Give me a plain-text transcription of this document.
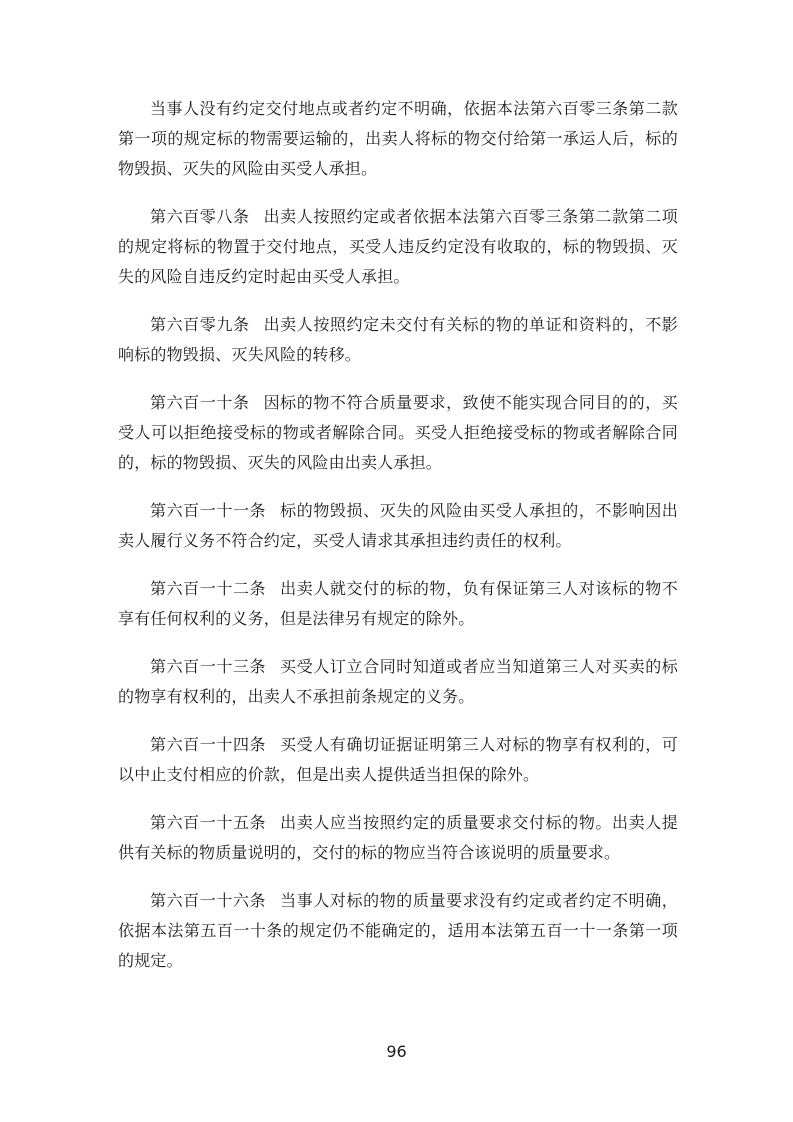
当事人没有约定交付地点或者约定不明确，依据本法第六百零三条第二款第一项的规定标的物需要运输的，出卖人将标的物交付给第一承运人后，标的物毁损、灭失的风险由买受人承担。

第六百零八条 出卖人按照约定或者依据本法第六百零三条第二款第二项的规定将标的物置于交付地点，买受人违反约定没有收取的，标的物毁损、灭失的风险自违反约定时起由买受人承担。

第六百零九条 出卖人按照约定未交付有关标的物的单证和资料的，不影响标的物毁损、灭失风险的转移。

第六百一十条 因标的物不符合质量要求，致使不能实现合同目的的，买受人可以拒绝接受标的物或者解除合同。买受人拒绝接受标的物或者解除合同的，标的物毁损、灭失的风险由出卖人承担。

第六百一十一条 标的物毁损、灭失的风险由买受人承担的，不影响因出卖人履行义务不符合约定，买受人请求其承担违约责任的权利。

第六百一十二条 出卖人就交付的标的物，负有保证第三人对该标的物不享有任何权利的义务，但是法律另有规定的除外。

第六百一十三条 买受人订立合同时知道或者应当知道第三人对买卖的标的物享有权利的，出卖人不承担前条规定的义务。

第六百一十四条 买受人有确切证据证明第三人对标的物享有权利的，可以中止支付相应的价款，但是出卖人提供适当担保的除外。

第六百一十五条 出卖人应当按照约定的质量要求交付标的物。出卖人提供有关标的物质量说明的，交付的标的物应当符合该说明的质量要求。

第六百一十六条 当事人对标的物的质量要求没有约定或者约定不明确，依据本法第五百一十条的规定仍不能确定的，适用本法第五百一十一条第一项的规定。

96
